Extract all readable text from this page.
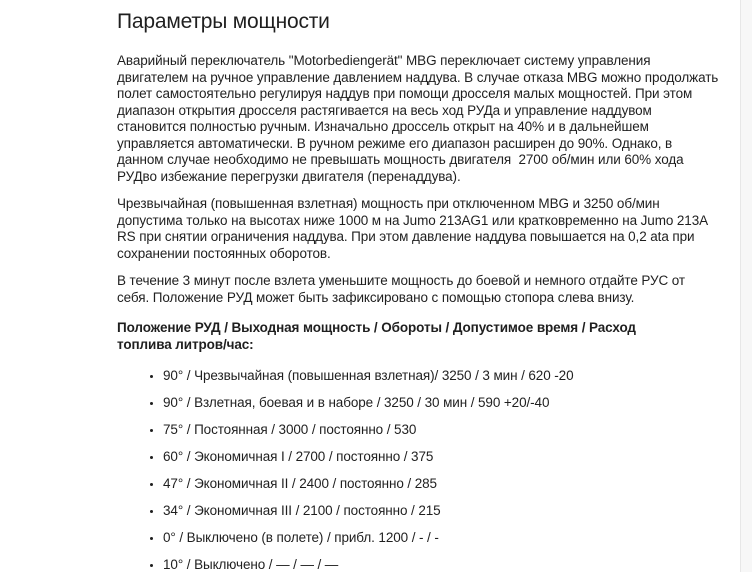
Параметры мощности

Аварийный переключатель "Motorbediengerät" MBG переключает систему управления
двигателем на ручное управление давлением наддува. В случае отказа MBG можно продолжать
полет самостоятельно регулируя наддув при помощи дросселя малых мощностей. При этом
диапазон открытия дросселя растягивается на весь ход РУДа и управление наддувом
становится полностью ручным. Изначально дроссель открыт на 40% и в дальнейшем
управляется автоматически. В ручном режиме его диапазон расширен до 90%. Однако, в
данном случае необходимо не превышать мощность двигателя  2700 об/мин или 60% хода
РУДво избежание перегрузки двигателя (перенаддува).

Чрезвычайная (повышенная взлетная) мощность при отключенном MBG и 3250 об/мин
допустима только на высотах ниже 1000 м на Jumo 213AG1 или кратковременно на Jumo 213A
RS при снятии ограничения наддува. При этом давление наддува повышается на 0,2 ata при
сохранении постоянных оборотов.

В течение 3 минут после взлета уменьшите мощность до боевой и немного отдайте РУС от
себя. Положение РУД может быть зафиксировано с помощью стопора слева внизу.

Положение РУД / Выходная мощность / Обороты / Допустимое время / Расход топлива литров/час:

• 90° / Чрезвычайная (повышенная взлетная)/ 3250 / 3 мин / 620 -20
• 90° / Взлетная, боевая и в наборе / 3250 / 30 мин / 590 +20/-40
• 75° / Постоянная / 3000 / постоянно / 530
• 60° / Экономичная I / 2700 / постоянно / 375
• 47° / Экономичная II / 2400 / постоянно / 285
• 34° / Экономичная III / 2100 / постоянно / 215
• 0° / Выключено (в полете) / прибл. 1200 / - / -
• 10° / Выключено / — / — / —
